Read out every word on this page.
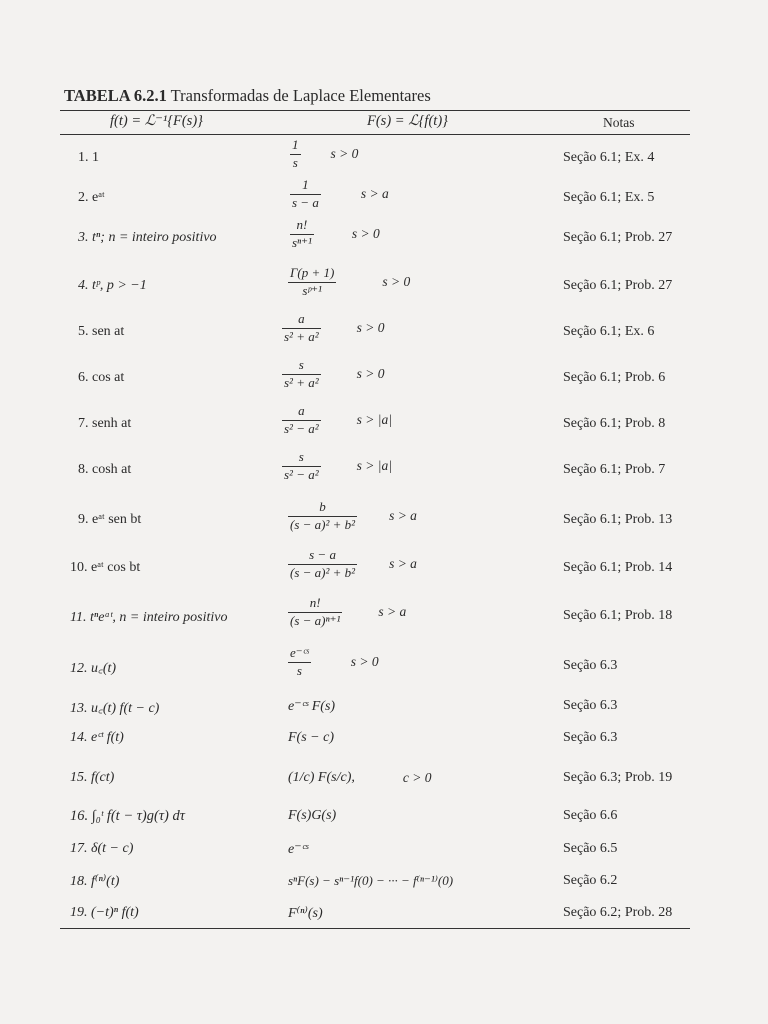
TABELA 6.2.1 Transformadas de Laplace Elementares
f(t) = ℒ⁻¹{F(s)}	F(s) = ℒ{f(t)}	Notas
1. 1	$\frac{1}{s}$ s > 0	Seção 6.1; Ex. 4
2. eᵃᵗ	$\frac{1}{s - a}$	s > a	Seção 6.1; Ex. 5
3. tⁿ; n = inteiro positivo	$\frac{n!}{\text{sⁿ⁺¹}}$	s > 0	Seção 6.1; Prob. 27
4. tᵖ, p > −1	$\frac{\Gamma(p + 1)}{\text{sᵖ⁺¹}}$	s > 0	Seção 6.1; Prob. 27
5. sen at	$\frac{a}{\text{s² + a²}}$	s > 0	Seção 6.1; Ex. 6
6. cos at	$\frac{s}{\text{s² + a²}}$	s > 0	Seção 6.1; Prob. 6
7. senh at	$\frac{a}{\text{s² − a²}}$	s > |a|	Seção 6.1; Prob. 8
8. cosh at	$\frac{s}{\text{s² − a²}}$	s > |a|	Seção 6.1; Prob. 7
9. eᵃᵗ sen bt	$\frac{b}{\text{(s − a)² + b²}}$ s > a	Seção 6.1; Prob. 13
10. eᵃᵗ cos bt	$\frac{s - a}{\text{(s − a)² + b²}}$ s > a	Seção 6.1; Prob. 14
11. tⁿeᵃᵗ, n = inteiro positivo	$\frac{n!}{\text{(s − a)ⁿ⁺¹}}$	s > a	Seção 6.1; Prob. 18
12. u꜀(t)	$\frac{\text{e⁻ᶜˢ}}{s}$	s > 0	Seção 6.3
13. u꜀(t) f(t − c)	e⁻ᶜˢ F(s)	Seção 6.3
14. eᶜᵗ f(t)	F(s − c)	Seção 6.3
15. f(ct)	(1/c) F(s/c),	c > 0	Seção 6.3; Prob. 19
16. ∫₀ᵗ f(t − τ)g(τ) dτ	F(s)G(s)	Seção 6.6
17. δ(t − c)	e⁻ᶜˢ	Seção 6.5
18. f⁽ⁿ⁾(t)	sⁿF(s) − sⁿ⁻¹f(0) − ··· − f⁽ⁿ⁻¹⁾(0)	Seção 6.2
19. (−t)ⁿ f(t)	F⁽ⁿ⁾(s)	Seção 6.2; Prob. 28
